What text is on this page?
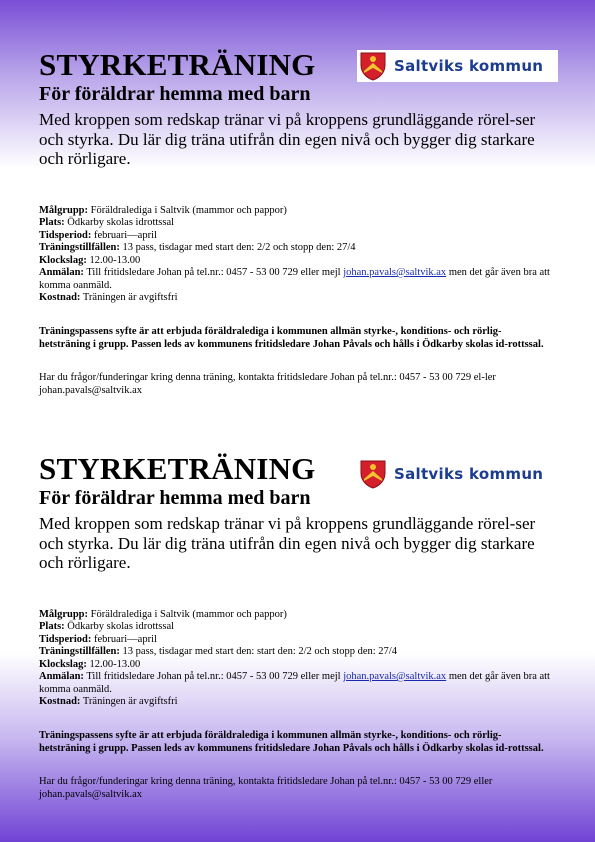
Saltviks kommun
STYRKETRÄNING
För föräldrar hemma med barn

Med kroppen som redskap tränar vi på kroppens grundläggande rörel-ser och styrka. Du lär dig träna utifrån din egen nivå och bygger dig starkare och rörligare.

Målgrupp: Föräldralediga i Saltvik (mammor och pappor)
Plats: Ödkarby skolas idrottssal
Tidsperiod: februari—april
Träningstillfällen: 13 pass, tisdagar med start den: 2/2 och stopp den: 27/4
Klockslag: 12.00-13.00
Anmälan: Till fritidsledare Johan på tel.nr.: 0457 - 53 00 729 eller mejl johan.pavals@saltvik.ax men det går även bra att komma oanmäld.
Kostnad: Träningen är avgiftsfri

Träningspassens syfte är att erbjuda föräldralediga i kommunen allmän styrke-, konditions- och rörlig-hetsträning i grupp. Passen leds av kommunens fritidsledare Johan Påvals och hålls i Ödkarby skolas id-rottssal.

Har du frågor/funderingar kring denna träning, kontakta fritidsledare Johan på tel.nr.: 0457 - 53 00 729 el-ler johan.pavals@saltvik.ax

Saltviks kommun
STYRKETRÄNING
För föräldrar hemma med barn

Med kroppen som redskap tränar vi på kroppens grundläggande rörel-ser och styrka. Du lär dig träna utifrån din egen nivå och bygger dig starkare och rörligare.

Målgrupp: Föräldralediga i Saltvik (mammor och pappor)
Plats: Ödkarby skolas idrottssal
Tidsperiod: februari—april
Träningstillfällen: 13 pass, tisdagar med start den: start den: 2/2 och stopp den: 27/4
Klockslag: 12.00-13.00
Anmälan: Till fritidsledare Johan på tel.nr.: 0457 - 53 00 729 eller mejl johan.pavals@saltvik.ax men det går även bra att komma oanmäld.
Kostnad: Träningen är avgiftsfri

Träningspassens syfte är att erbjuda föräldralediga i kommunen allmän styrke-, konditions- och rörlig-hetsträning i grupp. Passen leds av kommunens fritidsledare Johan Påvals och hålls i Ödkarby skolas id-rottssal.

Har du frågor/funderingar kring denna träning, kontakta fritidsledare Johan på tel.nr.: 0457 - 53 00 729 eller johan.pavals@saltvik.ax
